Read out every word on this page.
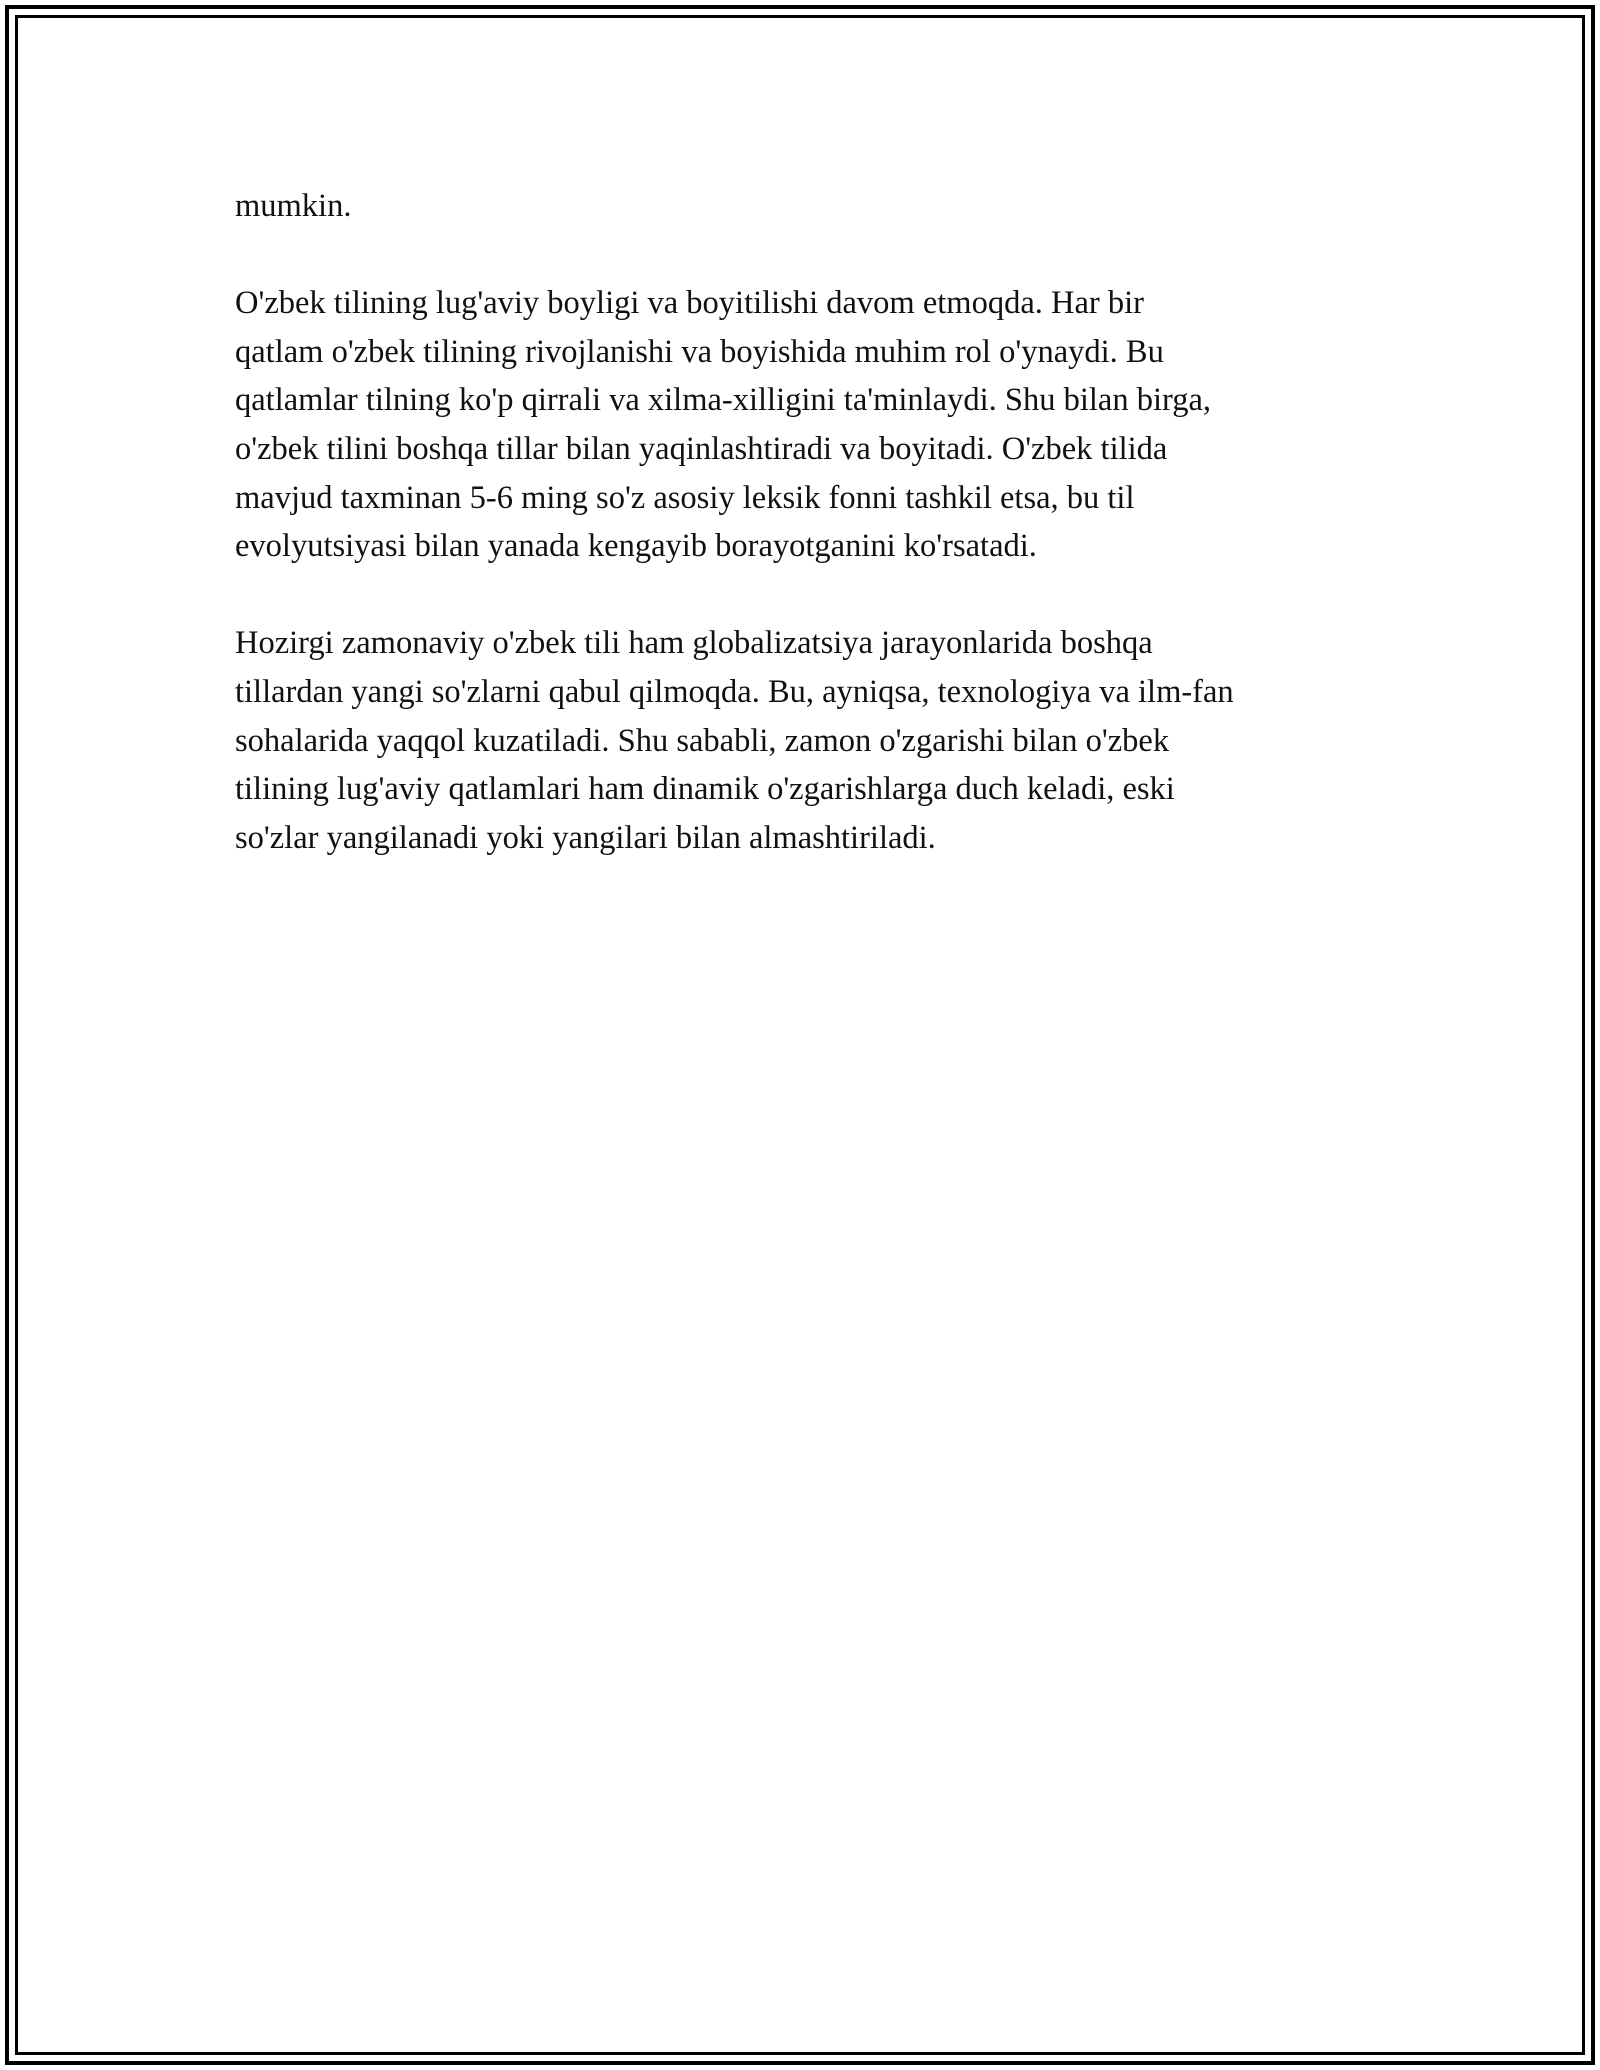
mumkin.

O'zbek tilining lug'aviy boyligi va boyitilishi davom etmoqda. Har bir
qatlam o'zbek tilining rivojlanishi va boyishida muhim rol o'ynaydi. Bu
qatlamlar tilning ko'p qirrali va xilma-xilligini ta'minlaydi. Shu bilan birga,
o'zbek tilini boshqa tillar bilan yaqinlashtiradi va boyitadi. O'zbek tilida
mavjud taxminan 5-6 ming so'z asosiy leksik fonni tashkil etsa, bu til
evolyutsiyasi bilan yanada kengayib borayotganini ko'rsatadi.

Hozirgi zamonaviy o'zbek tili ham globalizatsiya jarayonlarida boshqa
tillardan yangi so'zlarni qabul qilmoqda. Bu, ayniqsa, texnologiya va ilm-fan
sohalarida yaqqol kuzatiladi. Shu sababli, zamon o'zgarishi bilan o'zbek
tilining lug'aviy qatlamlari ham dinamik o'zgarishlarga duch keladi, eski
so'zlar yangilanadi yoki yangilari bilan almashtiriladi.
